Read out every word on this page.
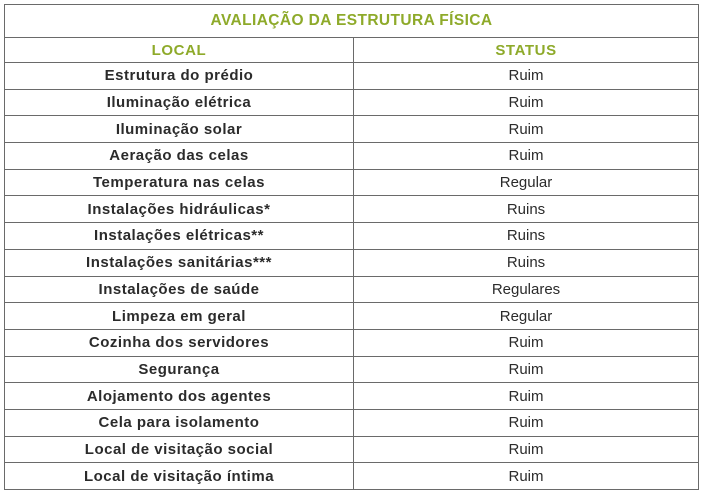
AVALIAÇÃO DA ESTRUTURA FÍSICA	
LOCAL	STATUS
Estrutura do prédio	Ruim
Iluminação elétrica	Ruim
Iluminação solar	Ruim
Aeração das celas	Ruim
Temperatura nas celas	Regular
Instalações hidráulicas*	Ruins
Instalações elétricas**	Ruins
Instalações sanitárias***	Ruins
Instalações de saúde	Regulares
Limpeza em geral	Regular
Cozinha dos servidores	Ruim
Segurança	Ruim
Alojamento dos agentes	Ruim
Cela para isolamento	Ruim
Local de visitação social	Ruim
Local de visitação íntima	Ruim
